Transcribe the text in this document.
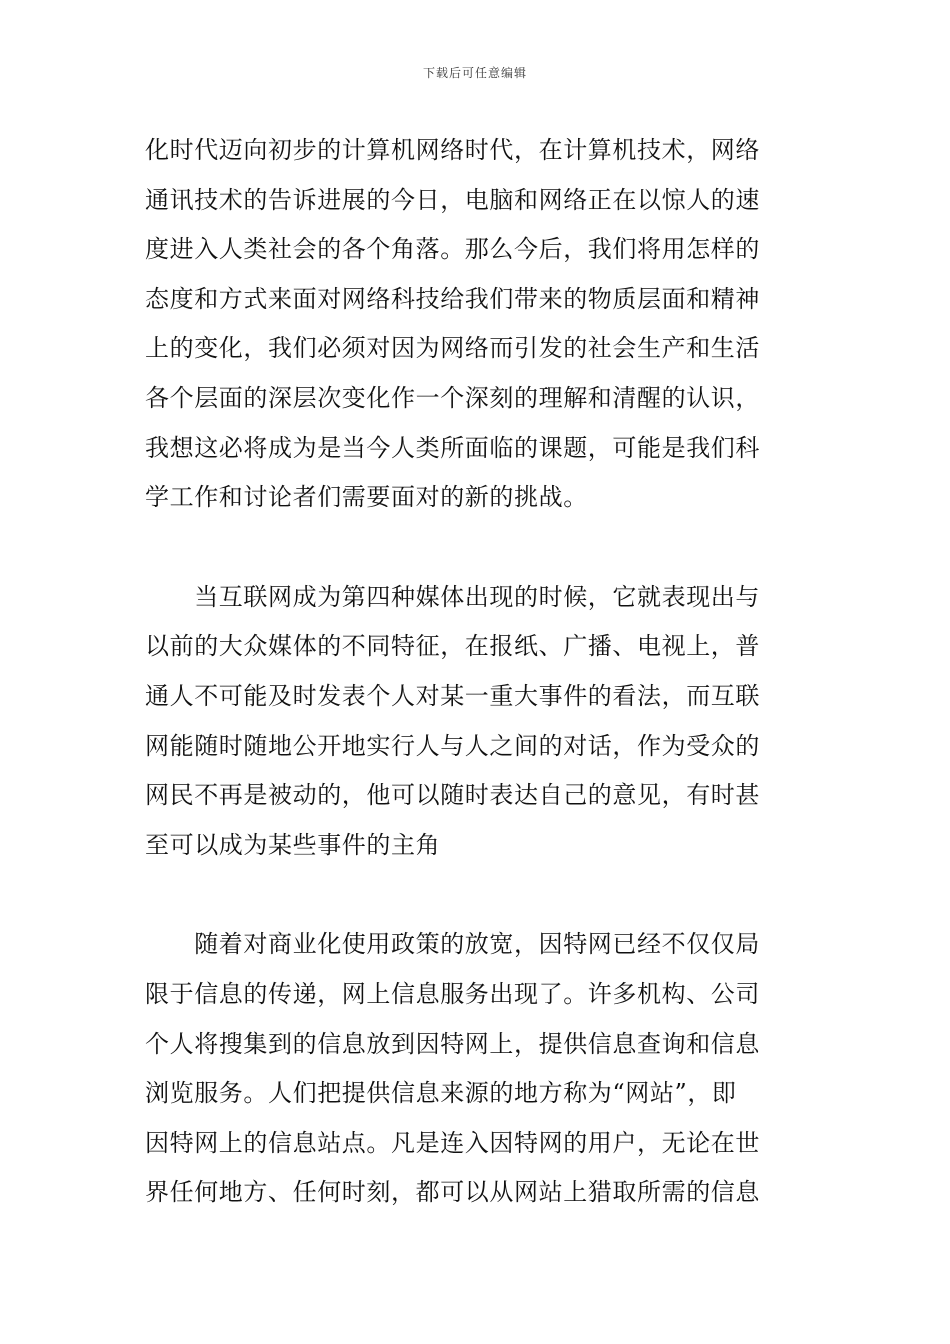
下载后可任意编辑
化时代迈向初步的计算机网络时代，在计算机技术，网络
通讯技术的告诉进展的今日，电脑和网络正在以惊人的速
度进入人类社会的各个角落。那么今后，我们将用怎样的
态度和方式来面对网络科技给我们带来的物质层面和精神
上的变化，我们必须对因为网络而引发的社会生产和生活
各个层面的深层次变化作一个深刻的理解和清醒的认识，
我想这必将成为是当今人类所面临的课题，可能是我们科
学工作和讨论者们需要面对的新的挑战。
　　当互联网成为第四种媒体出现的时候，它就表现出与
以前的大众媒体的不同特征，在报纸、广播、电视上，普
通人不可能及时发表个人对某一重大事件的看法，而互联
网能随时随地公开地实行人与人之间的对话，作为受众的
网民不再是被动的，他可以随时表达自己的意见，有时甚
至可以成为某些事件的主角
　　随着对商业化使用政策的放宽，因特网已经不仅仅局
限于信息的传递，网上信息服务出现了。许多机构、公司
个人将搜集到的信息放到因特网上，提供信息查询和信息
浏览服务。人们把提供信息来源的地方称为“网站”，即
因特网上的信息站点。凡是连入因特网的用户，无论在世
界任何地方、任何时刻，都可以从网站上猎取所需的信息
